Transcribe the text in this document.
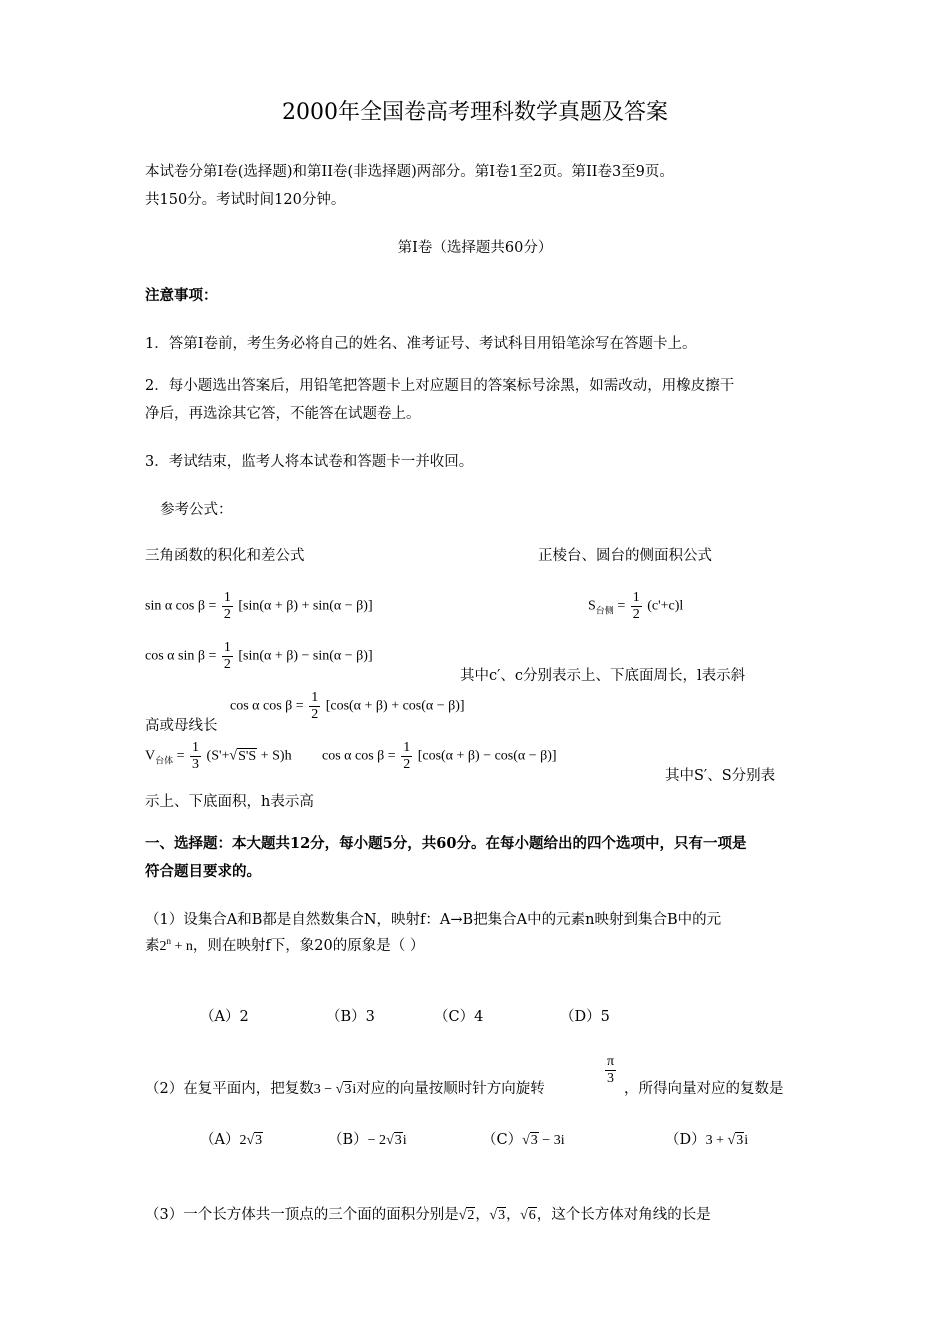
2000年全国卷高考理科数学真题及答案
本试卷分第Ⅰ卷(选择题)和第II卷(非选择题)两部分。第Ⅰ卷1至2页。第II卷3至9页。
共150分。考试时间120分钟。
第Ⅰ卷（选择题共60分）
注意事项：
1．答第Ⅰ卷前，考生务必将自己的姓名、准考证号、考试科目用铅笔涂写在答题卡上。
2．每小题选出答案后，用铅笔把答题卡上对应题目的答案标号涂黑，如需改动，用橡皮擦干
净后，再选涂其它答，不能答在试题卷上。
3．考试结束，监考人将本试卷和答题卡一并收回。
参考公式：
三角函数的积化和差公式	正棱台、圆台的侧面积公式
sin α $\cos \beta = \frac{1}{2} [\sin(\alpha + \beta) + \sin(\alpha - \beta)]$	$S_{台侧} = \frac{1}{2} (c'+c)l$
cos α $\sin \beta = \frac{1}{2} [\sin(\alpha + \beta) - \sin(\alpha - \beta)]$
其中c′、c分别表示上、下底面周长，l表示斜
cos α $\cos \beta = \frac{1}{2} [\cos(\alpha + \beta) + \cos(\alpha - \beta)]$
高或母线长
$V_{台体} = \frac{1}{3} (S'+√S'S + S)h$ cos α $\cos \beta = \frac{1}{2} [\cos(\alpha + \beta) - \cos(\alpha - \beta)]$
其中S′、S分别表
示上、下底面积，h表示高
一、选择题：本大题共12分，每小题5分，共60分。在每小题给出的四个选项中，只有一项是
符合题目要求的。
（1）设集合A和B都是自然数集合N，映射f：A→B把集合A中的元素n映射到集合B中的元
素$2^n + n$，则在映射f下，象20的原象是（ ）
（A）2	（B）3	（C）4	（D）5
（2）在复平面内，把复数3 − √3i对应的向量按顺时针方向旋转
$\frac{\pi}{3}$
，所得向量对应的复数是
（A）2√3	（B）− 2√3i	（C）√3 − 3i	（D）3 + √3i
（3）一个长方体共一顶点的三个面的面积分别是√2，√3，√6，这个长方体对角线的长是
